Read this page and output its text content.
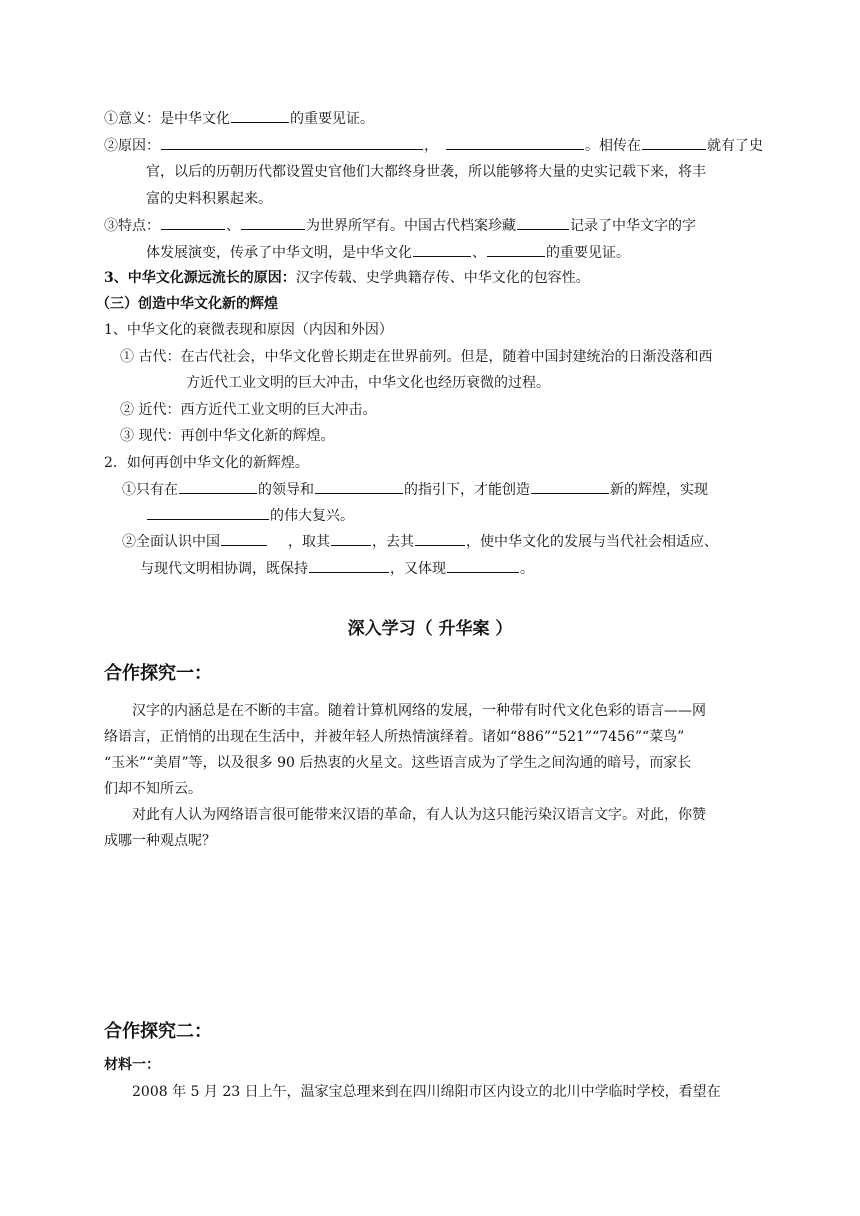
①意义：是中华文化	的重要见证。
②原因：	，	。相传在	就有了史
官，以后的历朝历代都设置史官他们大都终身世袭，所以能够将大量的史实记载下来，将丰
富的史料积累起来。
③特点：	、	为世界所罕有。中国古代档案珍藏	记录了中华文字的字
体发展演变，传承了中华文明，是中华文化	、	的重要见证。
3、中华文化源远流长的原因：汉字传载、史学典籍存传、中华文化的包容性。
（三）创造中华文化新的辉煌
1、中华文化的衰微表现和原因（内因和外因）
① 古代：在古代社会，中华文化曾长期走在世界前列。但是，随着中国封建统治的日渐没落和西
方近代工业文明的巨大冲击，中华文化也经历衰微的过程。
② 近代：西方近代工业文明的巨大冲击。
③ 现代：再创中华文化新的辉煌。
2．如何再创中华文化的新辉煌。
①只有在	的领导和	的指引下，才能创造	新的辉煌，实现
的伟大复兴。
②全面认识中国	，取其	，去其	，使中华文化的发展与当代社会相适应、
与现代文明相协调，既保持	，又体现	。
深入学习（ 升华案 ）
合作探究一：
汉字的内涵总是在不断的丰富。随着计算机网络的发展，一种带有时代文化色彩的语言——网
络语言，正悄悄的出现在生活中，并被年轻人所热情演绎着。诸如“886”“521”“7456”“菜鸟”
“玉米”“美眉”等，以及很多 90 后热衷的火星文。这些语言成为了学生之间沟通的暗号，而家长
们却不知所云。
对此有人认为网络语言很可能带来汉语的革命，有人认为这只能污染汉语言文字。对此，你赞
成哪一种观点呢？
合作探究二：
材料一：
2008 年 5 月 23 日上午，温家宝总理来到在四川绵阳市区内设立的北川中学临时学校，看望在
